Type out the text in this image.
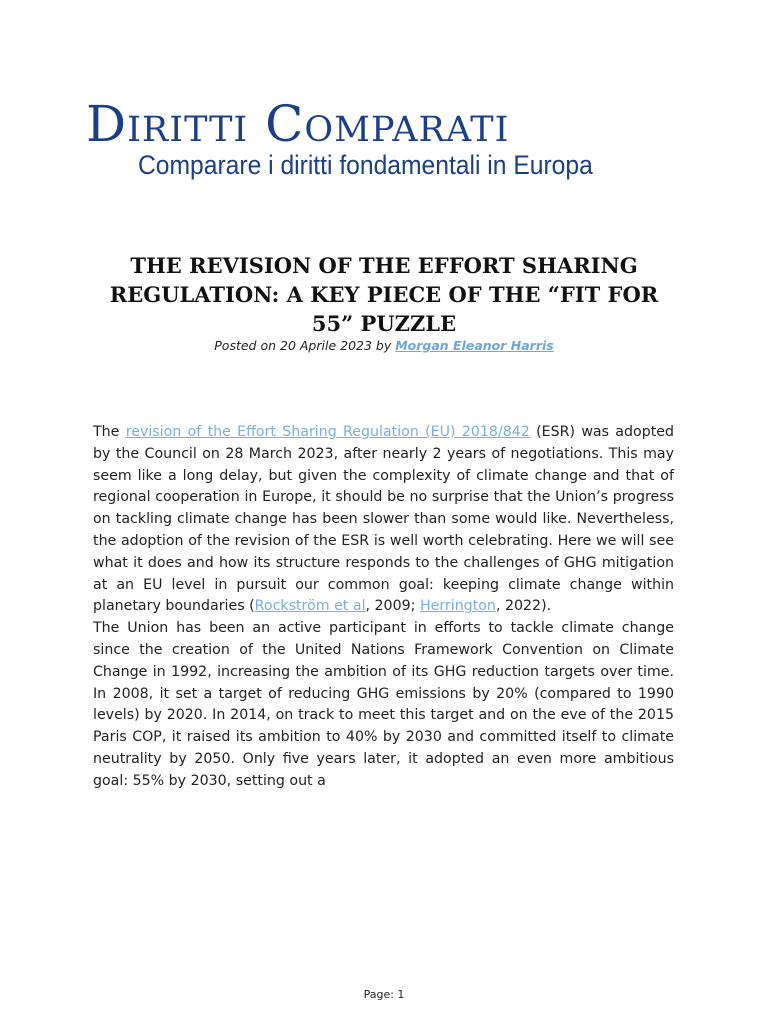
Diritti Comparati
Comparare i diritti fondamentali in Europa
THE REVISION OF THE EFFORT SHARING REGULATION: A KEY PIECE OF THE “FIT FOR 55” PUZZLE
Posted on 20 Aprile 2023 by Morgan Eleanor Harris

The revision of the Effort Sharing Regulation (EU) 2018/842 (ESR) was adopted by the Council on 28 March 2023, after nearly 2 years of negotiations. This may seem like a long delay, but given the complexity of climate change and that of regional cooperation in Europe, it should be no surprise that the Union’s progress on tackling climate change has been slower than some would like. Nevertheless, the adoption of the revision of the ESR is well worth celebrating. Here we will see what it does and how its structure responds to the challenges of GHG mitigation at an EU level in pursuit our common goal: keeping climate change within planetary boundaries (Rockström et al, 2009; Herrington, 2022).

The Union has been an active participant in efforts to tackle climate change since the creation of the United Nations Framework Convention on Climate Change in 1992, increasing the ambition of its GHG reduction targets over time. In 2008, it set a target of reducing GHG emissions by 20% (compared to 1990 levels) by 2020. In 2014, on track to meet this target and on the eve of the 2015 Paris COP, it raised its ambition to 40% by 2030 and committed itself to climate neutrality by 2050. Only five years later, it adopted an even more ambitious goal: 55% by 2030, setting out a

Page: 1
